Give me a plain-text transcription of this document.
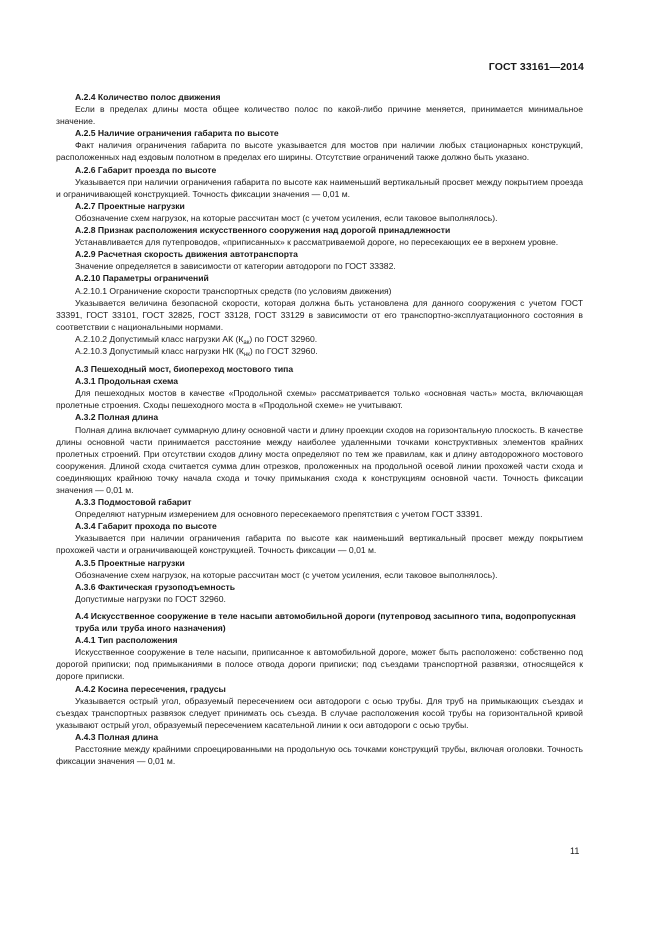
ГОСТ 33161—2014

А.2.4 Количество полос движения

Если в пределах длины моста общее количество полос по какой-либо причине меняется, принимается минимальное значение.

А.2.5 Наличие ограничения габарита по высоте

Факт наличия ограничения габарита по высоте указывается для мостов при наличии любых стационарных конструкций, расположенных над ездовым полотном в пределах его ширины. Отсутствие ограничений также должно быть указано.

А.2.6 Габарит проезда по высоте

Указывается при наличии ограничения габарита по высоте как наименьший вертикальный просвет между покрытием проезда и ограничивающей конструкцией. Точность фиксации значения — 0,01 м.

А.2.7 Проектные нагрузки

Обозначение схем нагрузок, на которые рассчитан мост (с учетом усиления, если таковое выполнялось).

А.2.8 Признак расположения искусственного сооружения над дорогой принадлежности

Устанавливается для путепроводов, «приписанных» к рассматриваемой дороге, но пересекающих ее в верхнем уровне.

А.2.9 Расчетная скорость движения автотранспорта

Значение определяется в зависимости от категории автодороги по ГОСТ 33382.

А.2.10 Параметры ограничений

А.2.10.1 Ограничение скорости транспортных средств (по условиям движения)

Указывается величина безопасной скорости, которая должна быть установлена для данного сооружения с учетом ГОСТ 33391, ГОСТ 33101, ГОСТ 32825, ГОСТ 33128, ГОСТ 33129 в зависимости от его транспортно-эксплуатационного состояния в соответствии с национальными нормами.

А.2.10.2 Допустимый класс нагрузки АК $(К_{ак})$ по ГОСТ 32960.

А.2.10.3 Допустимый класс нагрузки НК $(К_{нк})$ по ГОСТ 32960.

А.3 Пешеходный мост, биопереход мостового типа

А.3.1 Продольная схема

Для пешеходных мостов в качестве «Продольной схемы» рассматривается только «основная часть» моста, включающая пролетные строения. Сходы пешеходного моста в «Продольной схеме» не учитывают.

А.3.2 Полная длина

Полная длина включает суммарную длину основной части и длину проекции сходов на горизонтальную плоскость. В качестве длины основной части принимается расстояние между наиболее удаленными точками конструктивных элементов крайних пролетных строений. При отсутствии сходов длину моста определяют по тем же правилам, как и длину автодорожного мостового сооружения. Длиной схода считается сумма длин отрезков, проложенных на продольной осевой линии прохожей части схода и соединяющих крайнюю точку начала схода и точку примыкания схода к конструкциям основной части. Точность фиксации значения — 0,01 м.

А.3.3 Подмостовой габарит

Определяют натурным измерением для основного пересекаемого препятствия с учетом ГОСТ 33391.

А.3.4 Габарит прохода по высоте

Указывается при наличии ограничения габарита по высоте как наименьший вертикальный просвет между покрытием прохожей части и ограничивающей конструкцией. Точность фиксации — 0,01 м.

А.3.5 Проектные нагрузки

Обозначение схем нагрузок, на которые рассчитан мост (с учетом усиления, если таковое выполнялось).

А.3.6 Фактическая грузоподъемность

Допустимые нагрузки по ГОСТ 32960.

А.4 Искусственное сооружение в теле насыпи автомобильной дороги (путепровод засыпного типа, водопропускная труба или труба иного назначения)

А.4.1 Тип расположения

Искусственное сооружение в теле насыпи, приписанное к автомобильной дороге, может быть расположено: собственно под дорогой приписки; под примыканиями в полосе отвода дороги приписки; под съездами транспортной развязки, относящейся к дороге приписки.

А.4.2 Косина пересечения, градусы

Указывается острый угол, образуемый пересечением оси автодороги с осью трубы. Для труб на примыкающих съездах и съездах транспортных развязок следует принимать ось съезда. В случае расположения косой трубы на горизонтальной кривой указывают острый угол, образуемый пересечением касательной линии к оси автодороги с осью трубы.

А.4.3 Полная длина

Расстояние между крайними спроецированными на продольную ось точками конструкций трубы, включая оголовки. Точность фиксации значения — 0,01 м.

11
